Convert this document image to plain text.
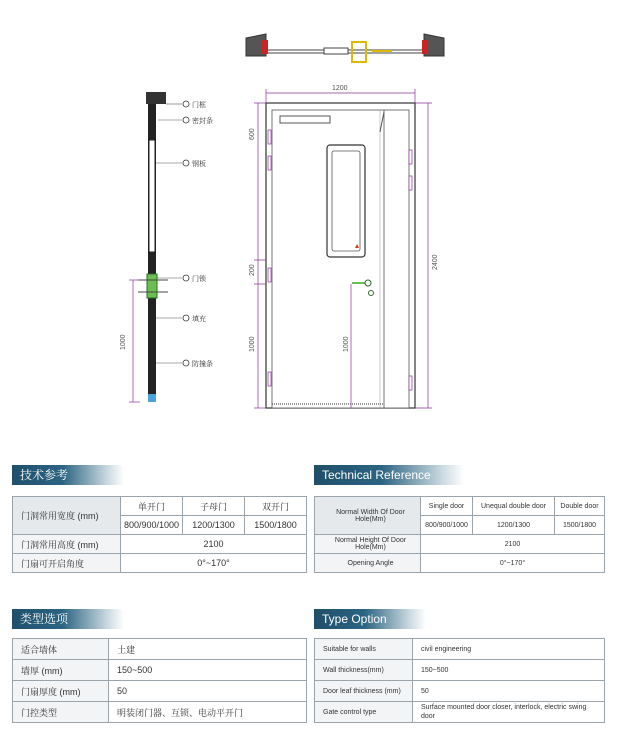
门框
密封条
钢板
门锁
填充
防撞条
1000
1200
600
200
1000	1000
2400
技术参考
门洞常用宽度 (mm)	单开门	子母门	双开门
	800/900/1000	1200/1300	1500/1800
门洞常用高度 (mm)	2100		
门扇可开启角度	0°~170°		
Technical Reference
Normal Width Of Door Hole(Mm)	Single door	Unequal double door	Double door
	800/900/1000	1200/1300	1500/1800
Normal Height Of Door Hole(Mm)	2100		
Opening Angle	0°~170°		
类型选项
适合墙体	土建
墙厚 (mm)	150~500
门扇厚度 (mm)	50
门控类型	明装闭门器、互锁、电动平开门
Type Option
Suitable for walls	civil engineering
Wall thickness(mm)	150~500
Door leaf thickness (mm)	50
Gate control type	Surface mounted door closer, interlock, electric swing door
